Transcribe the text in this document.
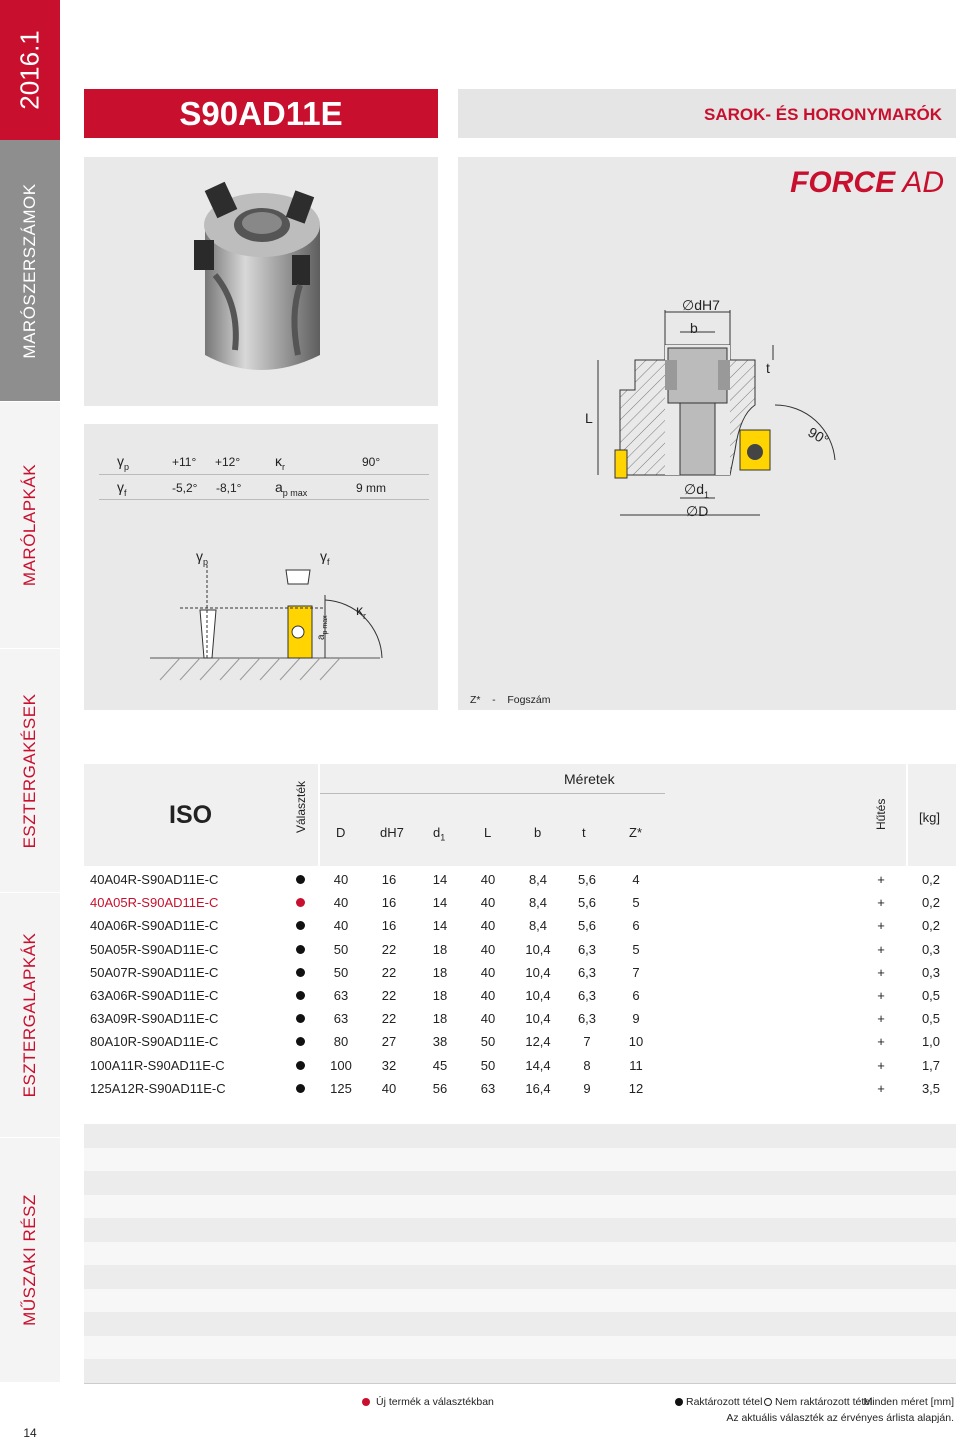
2016.1
MARÓSZERSZÁMOK
MARÓLAPKÁK
ESZTERGAKÉSEK
ESZTERGALAPKÁK
MŰSZAKI RÉSZ
14
S90AD11E	SAROK- ÉS HORONYMARÓK
$\gamma_p$	+11° +12° $\kappa_r$	90°
$\gamma_f$	-5,2° -8,1° $a_{p max}$	9 mm
$\gamma_p$	$\gamma_f$
$\kappa_r$
$a_{p max}$
FORCE AD
∅dH7
b
t
L
90°
$\emptyset d_1$
∅D
Z* - Fogszám
ISO	Választék
Méretek
D	dH7 $d_1$	L	b	t	Z*
Hűtés [kg]
40A04R-S90AD11E-C	40	16	14	40	8,4	5,6	4	+	0,2
40A05R-S90AD11E-C	40	16	14	40	8,4	5,6	5	+	0,2
40A06R-S90AD11E-C	40	16	14	40	8,4	5,6	6	+	0,2
50A05R-S90AD11E-C	50	22	18	40	10,4	6,3	5	+	0,3
50A07R-S90AD11E-C	50	22	18	40	10,4	6,3	7	+	0,3
63A06R-S90AD11E-C	63	22	18	40	10,4	6,3	6	+	0,5
63A09R-S90AD11E-C	63	22	18	40	10,4	6,3	9	+	0,5
80A10R-S90AD11E-C	80	27	38	50	12,4	7	10	+	1,0
100A11R-S90AD11E-C	100	32	45	50	14,4	8	11	+	1,7
125A12R-S90AD11E-C	125	40	56	63	16,4	9	12	+	3,5
Új termék a választékban	Raktározott tétel Nem raktározott tétel
Minden méret [mm]
Az aktuális választék az érvényes árlista alapján.
